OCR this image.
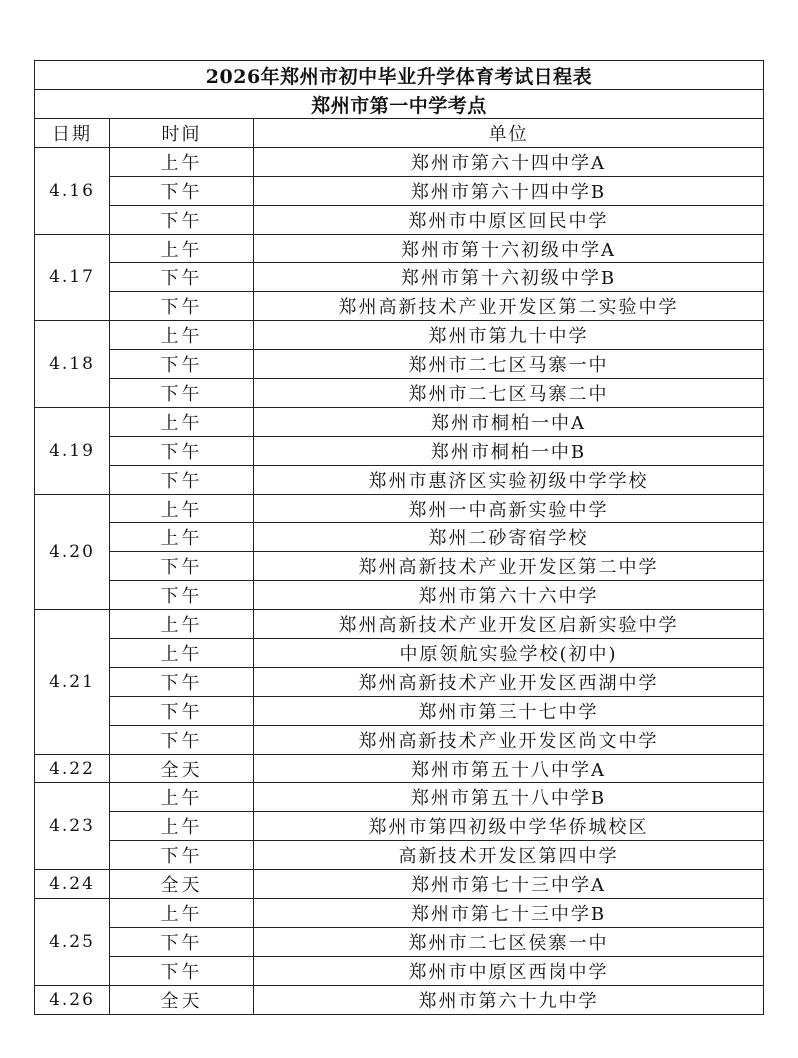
2026年郑州市初中毕业升学体育考试日程表		
郑州市第一中学考点		
日期	时间	单位
4.16	上午	郑州市第六十四中学A
	下午	郑州市第六十四中学B
	下午	郑州市中原区回民中学
4.17	上午	郑州市第十六初级中学A
	下午	郑州市第十六初级中学B
	下午	郑州高新技术产业开发区第二实验中学
4.18	上午	郑州市第九十中学
	下午	郑州市二七区马寨一中
	下午	郑州市二七区马寨二中
4.19	上午	郑州市桐柏一中A
	下午	郑州市桐柏一中B
	下午	郑州市惠济区实验初级中学学校
4.20	上午	郑州一中高新实验中学
	上午	郑州二砂寄宿学校
	下午	郑州高新技术产业开发区第二中学
	下午	郑州市第六十六中学
4.21	上午	郑州高新技术产业开发区启新实验中学
	上午	中原领航实验学校(初中)
	下午	郑州高新技术产业开发区西湖中学
	下午	郑州市第三十七中学
	下午	郑州高新技术产业开发区尚文中学
4.22	全天	郑州市第五十八中学A
4.23	上午	郑州市第五十八中学B
	上午	郑州市第四初级中学华侨城校区
	下午	高新技术开发区第四中学
4.24	全天	郑州市第七十三中学A
4.25	上午	郑州市第七十三中学B
	下午	郑州市二七区侯寨一中
	下午	郑州市中原区西岗中学
4.26	全天	郑州市第六十九中学
